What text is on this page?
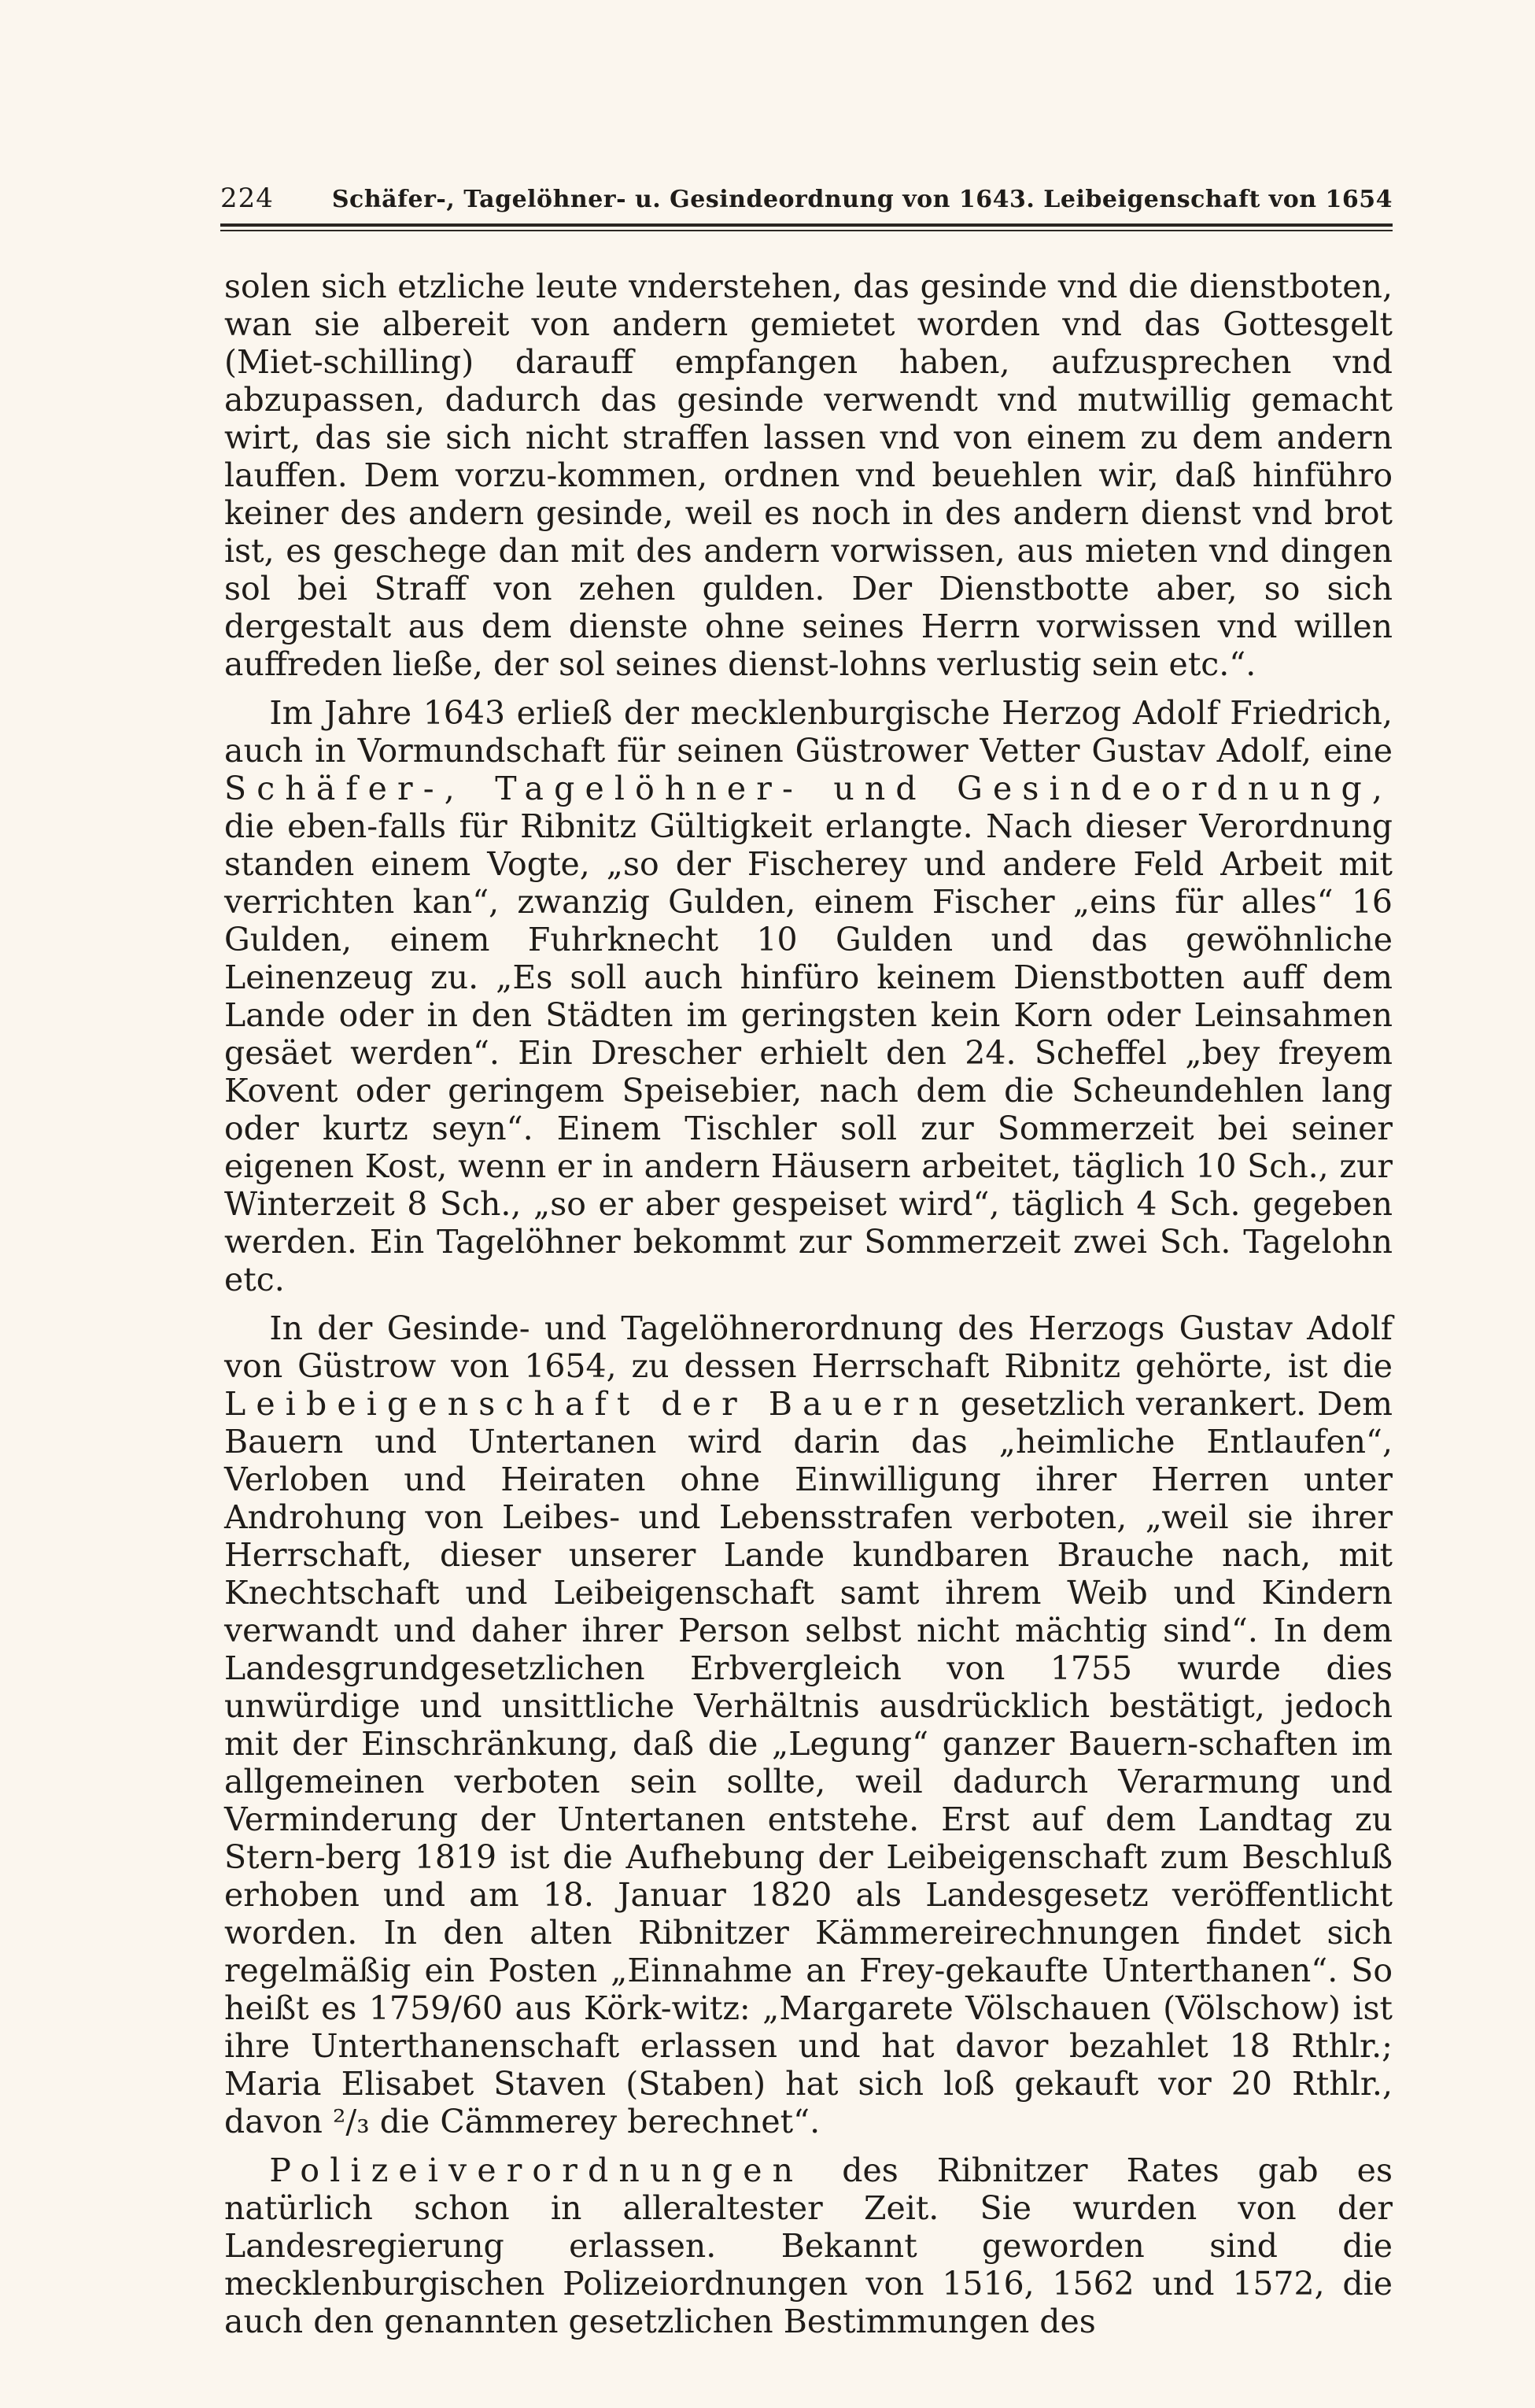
224 Schäfer-, Tagelöhner- u. Gesindeordnung von 1643. Leibeigenschaft von 1654

solen sich etzliche leute vnderstehen, das gesinde vnd die dienstboten, wan sie albereit von andern gemietet worden vnd das Gottesgelt (Miet-schilling) darauff empfangen haben, aufzusprechen vnd abzupassen, dadurch das gesinde verwendt vnd mutwillig gemacht wirt, das sie sich nicht straffen lassen vnd von einem zu dem andern lauffen. Dem vorzu-kommen, ordnen vnd beuehlen wir, daß hinführo keiner des andern gesinde, weil es noch in des andern dienst vnd brot ist, es geschege dan mit des andern vorwissen, aus mieten vnd dingen sol bei Straff von zehen gulden. Der Dienstbotte aber, so sich dergestalt aus dem dienste ohne seines Herrn vorwissen vnd willen auffreden ließe, der sol seines dienst-lohns verlustig sein etc.“.

Im Jahre 1643 erließ der mecklenburgische Herzog Adolf Friedrich, auch in Vormundschaft für seinen Güstrower Vetter Gustav Adolf, eine Schäfer-, Tagelöhner- und Gesindeordnung, die eben-falls für Ribnitz Gültigkeit erlangte. Nach dieser Verordnung standen einem Vogte, „so der Fischerey und andere Feld Arbeit mit verrichten kan“, zwanzig Gulden, einem Fischer „eins für alles“ 16 Gulden, einem Fuhrknecht 10 Gulden und das gewöhnliche Leinenzeug zu. „Es soll auch hinfüro keinem Dienstbotten auff dem Lande oder in den Städten im geringsten kein Korn oder Leinsahmen gesäet werden“. Ein Drescher erhielt den 24. Scheffel „bey freyem Kovent oder geringem Speisebier, nach dem die Scheundehlen lang oder kurtz seyn“. Einem Tischler soll zur Sommerzeit bei seiner eigenen Kost, wenn er in andern Häusern arbeitet, täglich 10 Sch., zur Winterzeit 8 Sch., „so er aber gespeiset wird“, täglich 4 Sch. gegeben werden. Ein Tagelöhner bekommt zur Sommerzeit zwei Sch. Tagelohn etc.

In der Gesinde- und Tagelöhnerordnung des Herzogs Gustav Adolf von Güstrow von 1654, zu dessen Herrschaft Ribnitz gehörte, ist die Leibeigenschaft der Bauern gesetzlich verankert. Dem Bauern und Untertanen wird darin das „heimliche Entlaufen“, Verloben und Heiraten ohne Einwilligung ihrer Herren unter Androhung von Leibes- und Lebensstrafen verboten, „weil sie ihrer Herrschaft, dieser unserer Lande kundbaren Brauche nach, mit Knechtschaft und Leibeigenschaft samt ihrem Weib und Kindern verwandt und daher ihrer Person selbst nicht mächtig sind“. In dem Landesgrundgesetzlichen Erbvergleich von 1755 wurde dies unwürdige und unsittliche Verhältnis ausdrücklich bestätigt, jedoch mit der Einschränkung, daß die „Legung“ ganzer Bauern-schaften im allgemeinen verboten sein sollte, weil dadurch Verarmung und Verminderung der Untertanen entstehe. Erst auf dem Landtag zu Stern-berg 1819 ist die Aufhebung der Leibeigenschaft zum Beschluß erhoben und am 18. Januar 1820 als Landesgesetz veröffentlicht worden. In den alten Ribnitzer Kämmereirechnungen findet sich regelmäßig ein Posten „Einnahme an Frey-gekaufte Unterthanen“. So heißt es 1759/60 aus Körk-witz: „Margarete Völschauen (Völschow) ist ihre Unterthanenschaft erlassen und hat davor bezahlet 18 Rthlr.; Maria Elisabet Staven (Staben) hat sich loß gekauft vor 20 Rthlr., davon ²/₃ die Cämmerey berechnet“.

Polizeiverordnungen des Ribnitzer Rates gab es natürlich schon in alleraltester Zeit. Sie wurden von der Landesregierung erlassen. Bekannt geworden sind die mecklenburgischen Polizeiordnungen von 1516, 1562 und 1572, die auch den genannten gesetzlichen Bestimmungen des
